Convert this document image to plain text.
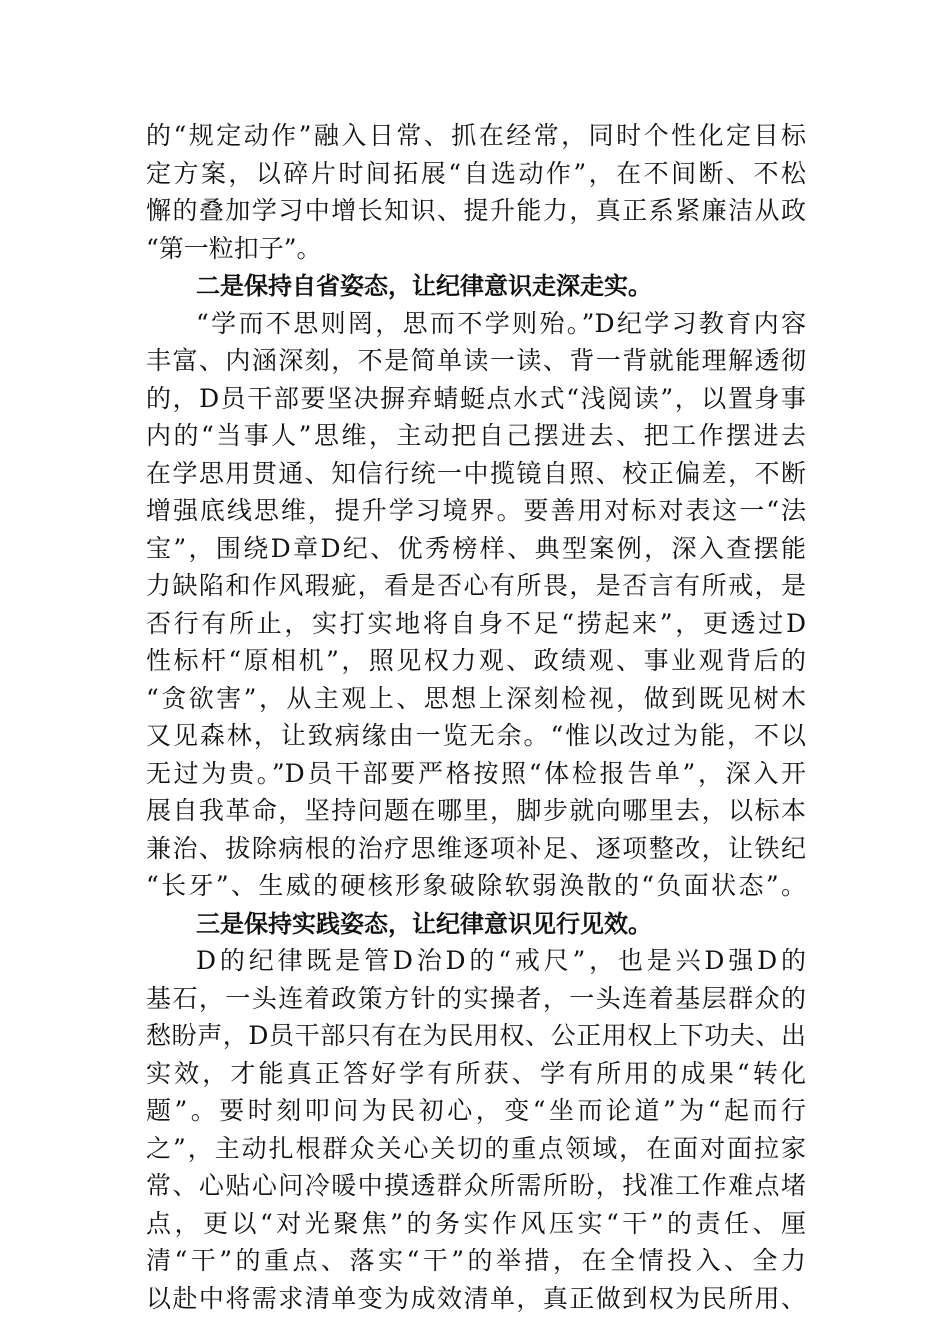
的“规定动作”融入日常、抓在经常，同时个性化定目标
定方案，以碎片时间拓展“自选动作”，在不间断、不松
懈的叠加学习中增长知识、提升能力，真正系紧廉洁从政
“第一粒扣子”。
二是保持自省姿态，让纪律意识走深走实。
“学而不思则罔，思而不学则殆。”D纪学习教育内容
丰富、内涵深刻，不是简单读一读、背一背就能理解透彻
的，D员干部要坚决摒弃蜻蜓点水式“浅阅读”，以置身事
内的“当事人”思维，主动把自己摆进去、把工作摆进去
在学思用贯通、知信行统一中揽镜自照、校正偏差，不断
增强底线思维，提升学习境界。要善用对标对表这一“法
宝”，围绕D章D纪、优秀榜样、典型案例，深入查摆能
力缺陷和作风瑕疵，看是否心有所畏，是否言有所戒，是
否行有所止，实打实地将自身不足“捞起来”，更透过D
性标杆“原相机”，照见权力观、政绩观、事业观背后的
“贪欲害”，从主观上、思想上深刻检视，做到既见树木
又见森林，让致病缘由一览无余。“惟以改过为能，不以
无过为贵。”D员干部要严格按照“体检报告单”，深入开
展自我革命，坚持问题在哪里，脚步就向哪里去，以标本
兼治、拔除病根的治疗思维逐项补足、逐项整改，让铁纪
“长牙”、生威的硬核形象破除软弱涣散的“负面状态”。
三是保持实践姿态，让纪律意识见行见效。
D的纪律既是管D治D的“戒尺”，也是兴D强D的
基石，一头连着政策方针的实操者，一头连着基层群众的
愁盼声，D员干部只有在为民用权、公正用权上下功夫、出
实效，才能真正答好学有所获、学有所用的成果“转化
题”。要时刻叩问为民初心，变“坐而论道”为“起而行
之”，主动扎根群众关心关切的重点领域，在面对面拉家
常、心贴心问冷暖中摸透群众所需所盼，找准工作难点堵
点，更以“对光聚焦”的务实作风压实“干”的责任、厘
清“干”的重点、落实“干”的举措，在全情投入、全力
以赴中将需求清单变为成效清单，真正做到权为民所用、
